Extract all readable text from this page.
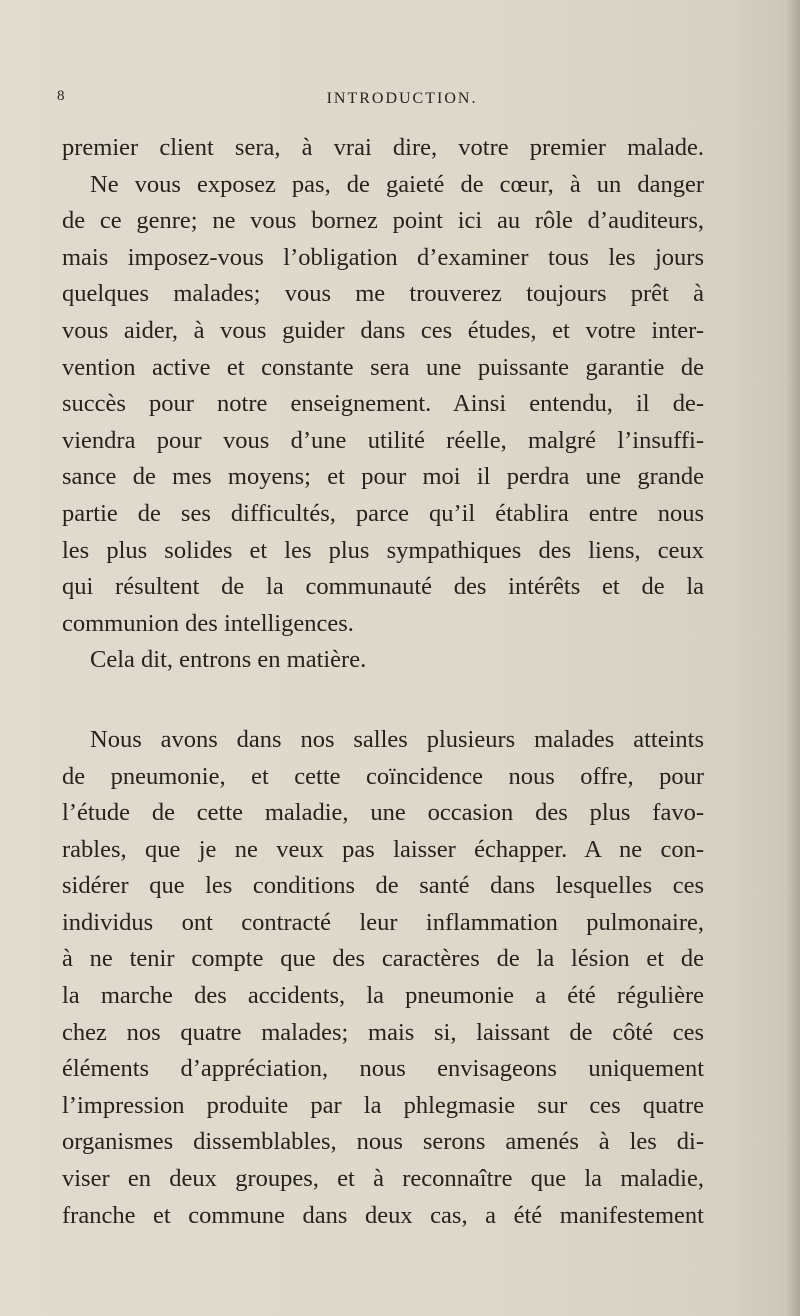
8	INTRODUCTION.
premier client sera, à vrai dire, votre premier malade.
Ne vous exposez pas, de gaieté de cœur, à un danger
de ce genre; ne vous bornez point ici au rôle d’auditeurs,
mais imposez-vous l’obligation d’examiner tous les jours
quelques malades; vous me trouverez toujours prêt à
vous aider, à vous guider dans ces études, et votre inter-
vention active et constante sera une puissante garantie de
succès pour notre enseignement. Ainsi entendu, il de-
viendra pour vous d’une utilité réelle, malgré l’insuffi-
sance de mes moyens; et pour moi il perdra une grande
partie de ses difficultés, parce qu’il établira entre nous
les plus solides et les plus sympathiques des liens, ceux
qui résultent de la communauté des intérêts et de la
communion des intelligences.
Cela dit, entrons en matière.
Nous avons dans nos salles plusieurs malades atteints
de pneumonie, et cette coïncidence nous offre, pour
l’étude de cette maladie, une occasion des plus favo-
rables, que je ne veux pas laisser échapper. A ne con-
sidérer que les conditions de santé dans lesquelles ces
individus ont contracté leur inflammation pulmonaire,
à ne tenir compte que des caractères de la lésion et de
la marche des accidents, la pneumonie a été régulière
chez nos quatre malades; mais si, laissant de côté ces
éléments d’appréciation, nous envisageons uniquement
l’impression produite par la phlegmasie sur ces quatre
organismes dissemblables, nous serons amenés à les di-
viser en deux groupes, et à reconnaître que la maladie,
franche et commune dans deux cas, a été manifestement
